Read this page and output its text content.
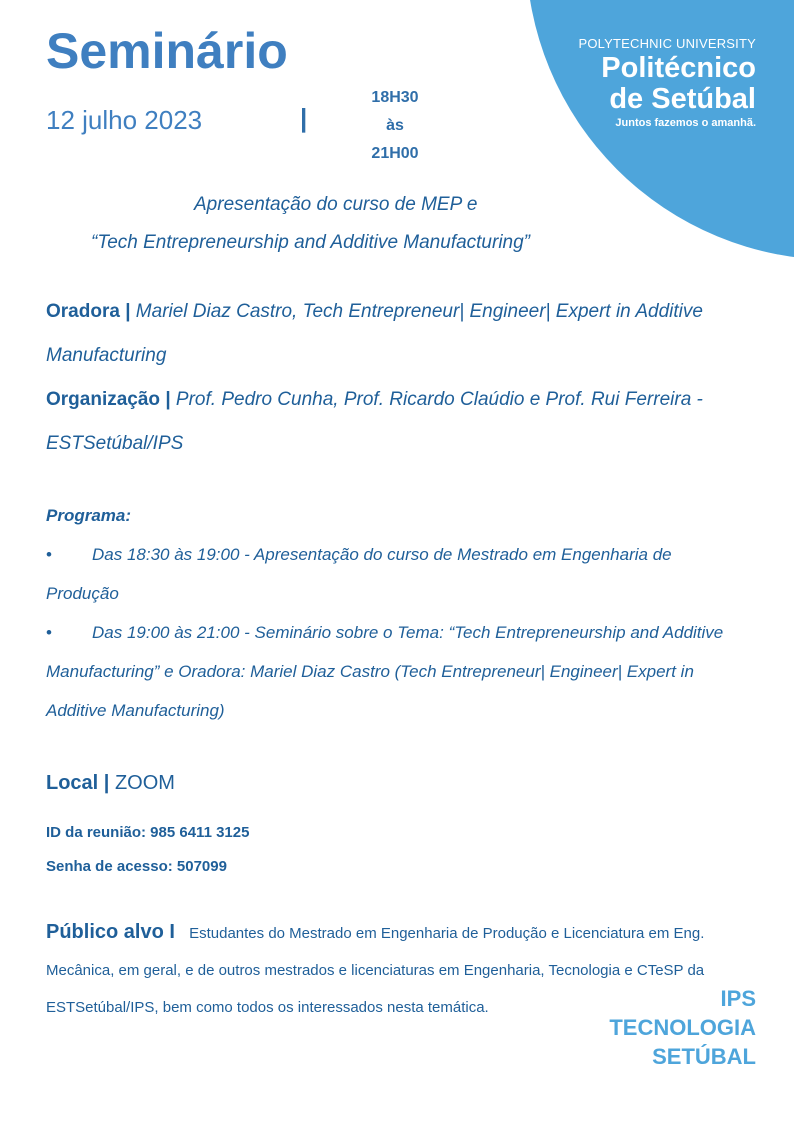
POLYTECHNIC UNIVERSITY
Politécnico
de Setúbal
Juntos fazemos o amanhã.
Seminário
12 julho 2023	|
18H30
às
21H00
Apresentação do curso de MEP e
“Tech Entrepreneurship and Additive Manufacturing”
Oradora | Mariel Diaz Castro, Tech Entrepreneur| Engineer| Expert in Additive Manufacturing
Organização | Prof. Pedro Cunha, Prof. Ricardo Claúdio e Prof. Rui Ferreira - ESTSetúbal/IPS
Programa:
• Das 18:30 às 19:00 - Apresentação do curso de Mestrado em Engenharia de Produção
• Das 19:00 às 21:00 - Seminário sobre o Tema: “Tech Entrepreneurship and Additive Manufacturing” e Oradora: Mariel Diaz Castro (Tech Entrepreneur| Engineer| Expert in Additive Manufacturing)
Local | ZOOM
ID da reunião: 985 6411 3125
Senha de acesso: 507099
Público alvo I Estudantes do Mestrado em Engenharia de Produção e Licenciatura em Eng. Mecânica, em geral, e de outros mestrados e licenciaturas em Engenharia, Tecnologia e CTeSP da ESTSetúbal/IPS, bem como todos os interessados nesta temática.	IPS
TECNOLOGIA
SETÚBAL
